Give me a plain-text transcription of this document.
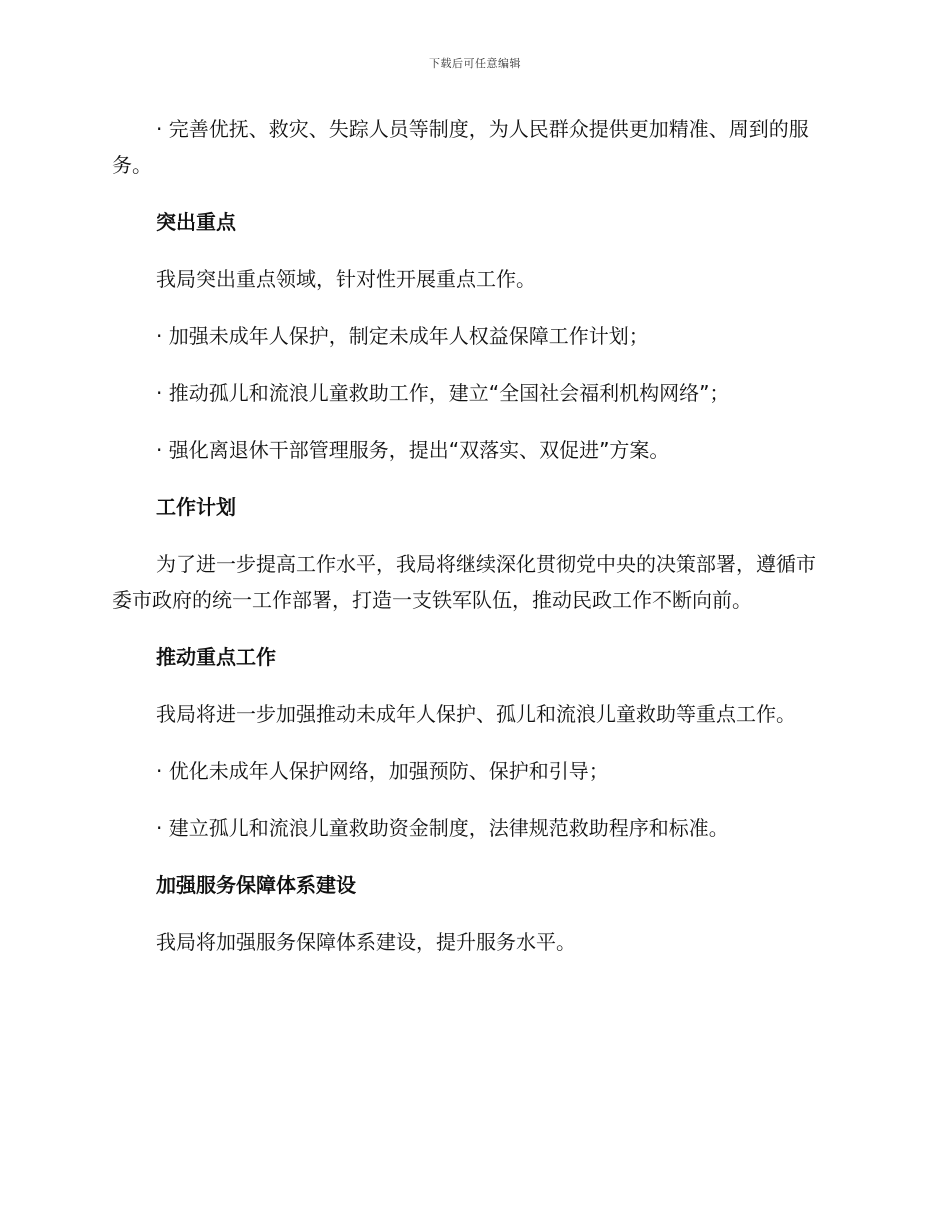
下载后可任意编辑

· 完善优抚、救灾、失踪人员等制度，为人民群众提供更加精准、周到的服务。

突出重点

我局突出重点领域，针对性开展重点工作。

· 加强未成年人保护，制定未成年人权益保障工作计划；

· 推动孤儿和流浪儿童救助工作，建立“全国社会福利机构网络”；

· 强化离退休干部管理服务，提出“双落实、双促进”方案。

工作计划

为了进一步提高工作水平，我局将继续深化贯彻党中央的决策部署，遵循市委市政府的统一工作部署，打造一支铁军队伍，推动民政工作不断向前。

推动重点工作

我局将进一步加强推动未成年人保护、孤儿和流浪儿童救助等重点工作。

· 优化未成年人保护网络，加强预防、保护和引导；

· 建立孤儿和流浪儿童救助资金制度，法律规范救助程序和标准。

加强服务保障体系建设

我局将加强服务保障体系建设，提升服务水平。
